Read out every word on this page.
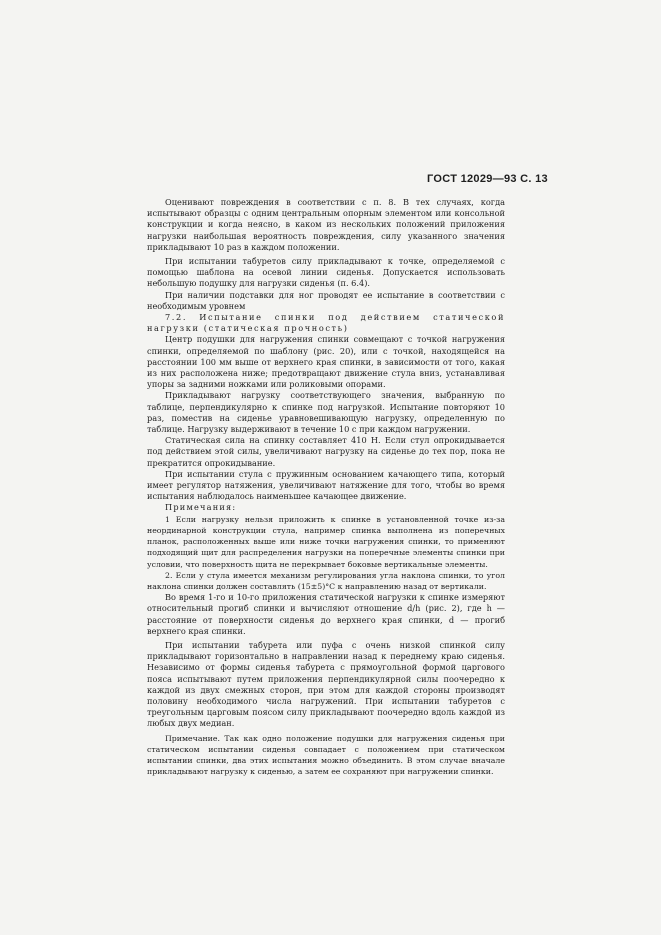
ГОСТ 12029—93 С. 13

Оценивают повреждения в соответствии с п. 8. В тех случаях, когда испытывают образцы с одним центральным опорным элементом или консольной конструкции и когда неясно, в каком из нескольких положений приложения нагрузки наибольшая вероятность повреждения, силу указанного значения прикладывают 10 раз в каждом положении.

При испытании табуретов силу прикладывают к точке, определяемой с помощью шаблона на осевой линии сиденья. Допускается использовать небольшую подушку для нагрузки сиденья (п. 6.4).

При наличии подставки для ног проводят ее испытание в соответствии с необходимым уровнем

7.2. Испытание спинки под действием статической нагрузки (статическая прочность)

Центр подушки для нагружения спинки совмещают с точкой нагружения спинки, определяемой по шаблону (рис. 20), или с точкой, находящейся на расстоянии 100 мм выше от верхнего края спинки, в зависимости от того, какая из них расположена ниже; предотвращают движение стула вниз, устанавливая упоры за задними ножками или роликовыми опорами.

Прикладывают нагрузку соответствующего значения, выбранную по таблице, перпендикулярно к спинке под нагрузкой. Испытание повторяют 10 раз, поместив на сиденье уравновешивающую нагрузку, определенную по таблице. Нагрузку выдерживают в течение 10 с при каждом нагружении.

Статическая сила на спинку составляет 410 Н. Если стул опрокидывается под действием этой силы, увеличивают нагрузку на сиденье до тех пор, пока не прекратится опрокидывание.

При испытании стула с пружинным основанием качающего типа, который имеет регулятор натяжения, увеличивают натяжение для того, чтобы во время испытания наблюдалось наименьшее качающее движение.

Примечания:

1 Если нагрузку нельзя приложить к спинке в установленной точке из-за неординарной конструкции стула, например спинка выполнена из поперечных планок, расположенных выше или ниже точки нагружения спинки, то применяют подходящий щит для распределения нагрузки на поперечные элементы спинки при условии, что поверхность щита не перекрывает боковые вертикальные элементы.

2. Если у стула имеется механизм регулирования угла наклона спинки, то угол наклона спинки должен составлять (15±5)°С к направлению назад от вертикали.

Во время 1-го и 10-го приложения статической нагрузки к спинке измеряют относительный прогиб спинки и вычисляют отношение d/h (рис. 2), где h — расстояние от поверхности сиденья до верхнего края спинки, d — прогиб верхнего края спинки.

При испытании табурета или пуфа с очень низкой спинкой силу прикладывают горизонтально в направлении назад к переднему краю сиденья. Независимо от формы сиденья табурета с прямоугольной формой царгового пояса испытывают путем приложения перпендикулярной силы поочередно к каждой из двух смежных сторон, при этом для каждой стороны производят половину необходимого числа нагружений. При испытании табуретов с треугольным царговым поясом силу прикладывают поочередно вдоль каждой из любых двух медиан.

Примечание. Так как одно положение подушки для нагружения сиденья при статическом испытании сиденья совпадает с положением при статическом испытании спинки, два этих испытания можно объединить. В этом случае вначале прикладывают нагрузку к сиденью, а затем ее сохраняют при нагружении спинки.
